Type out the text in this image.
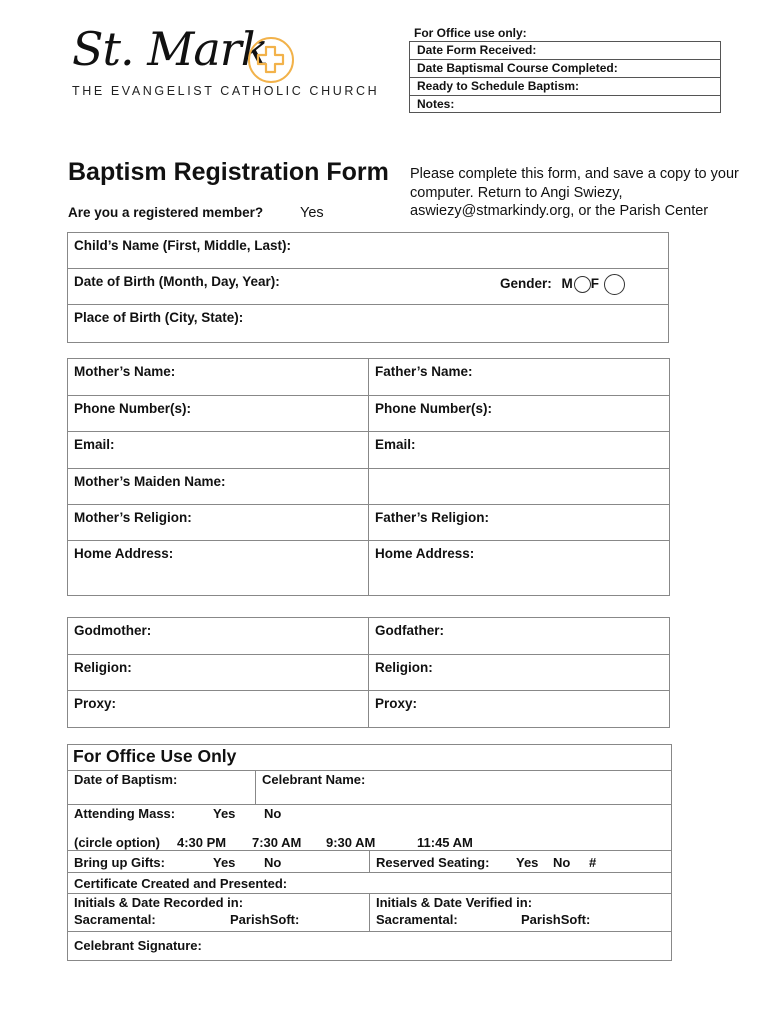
St. Mark
THE EVANGELIST CATHOLIC CHURCH
For Office use only:
Date Form Received:
Date Baptismal Course Completed:
Ready to Schedule Baptism:
Notes:
Baptism Registration Form Please complete this form, and save a copy to your computer. Return to Angi Swiezy, aswiezy@stmarkindy.org, or the Parish Center
Are you a registered member?	Yes
Child’s Name (First, Middle, Last):
Date of Birth (Month, Day, Year):	Gender: M F

Place of Birth (City, State):
Mother’s Name:	Father’s Name:
Phone Number(s):	Phone Number(s):
Email:	Email:
Mother’s Maiden Name:	
Mother’s Religion:	Father’s Religion:
Home Address:	Home Address:
Godmother:	Godfather:
Religion:	Religion:
Proxy:	Proxy:
For Office Use Only
Date of Baptism:	Celebrant Name:
Attending Mass:	Yes No
(circle option) 4:30 PM 7:30 AM 9:30 AM	11:45 AM
Bring up Gifts:	Yes No	Reserved Seating: Yes No #
Certificate Created and Presented:
Initials & Date Recorded in:
Sacramental:	ParishSoft:
Initials & Date Verified in:
Sacramental:	ParishSoft:
Celebrant Signature:
